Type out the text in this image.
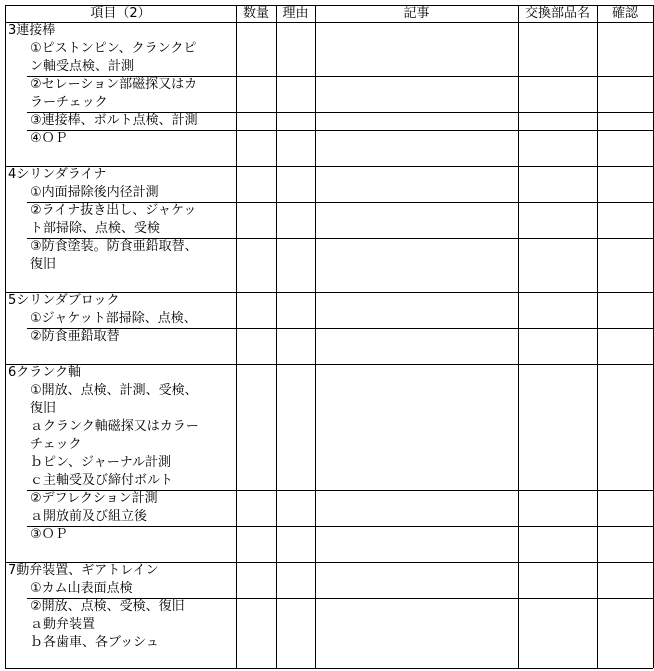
項目（2）	数量	理由	記事	交換部品名	確認
3連接棒
①ピストンピン、クランクピ
ン軸受点検、計測
②セレーション部磁探又はカ
ラーチェック
③連接棒、ボルト点検、計測
④ＯＰ
4シリンダライナ
①内面掃除後内径計測
②ライナ抜き出し、ジャケッ
ト部掃除、点検、受検
③防食塗装。防食亜鉛取替、
復旧
5シリンダブロック
①ジャケット部掃除、点検、
②防食亜鉛取替
6クランク軸
①開放、点検、計測、受検、
復旧
ａクランク軸磁探又はカラー
チェック
ｂピン、ジャーナル計測
ｃ主軸受及び締付ボルト
②デフレクション計測
ａ開放前及び組立後
③ＯＰ
7動弁装置、ギアトレイン
①カム山表面点検
②開放、点検、受検、復旧
ａ動弁装置
ｂ各歯車、各ブッシュ
